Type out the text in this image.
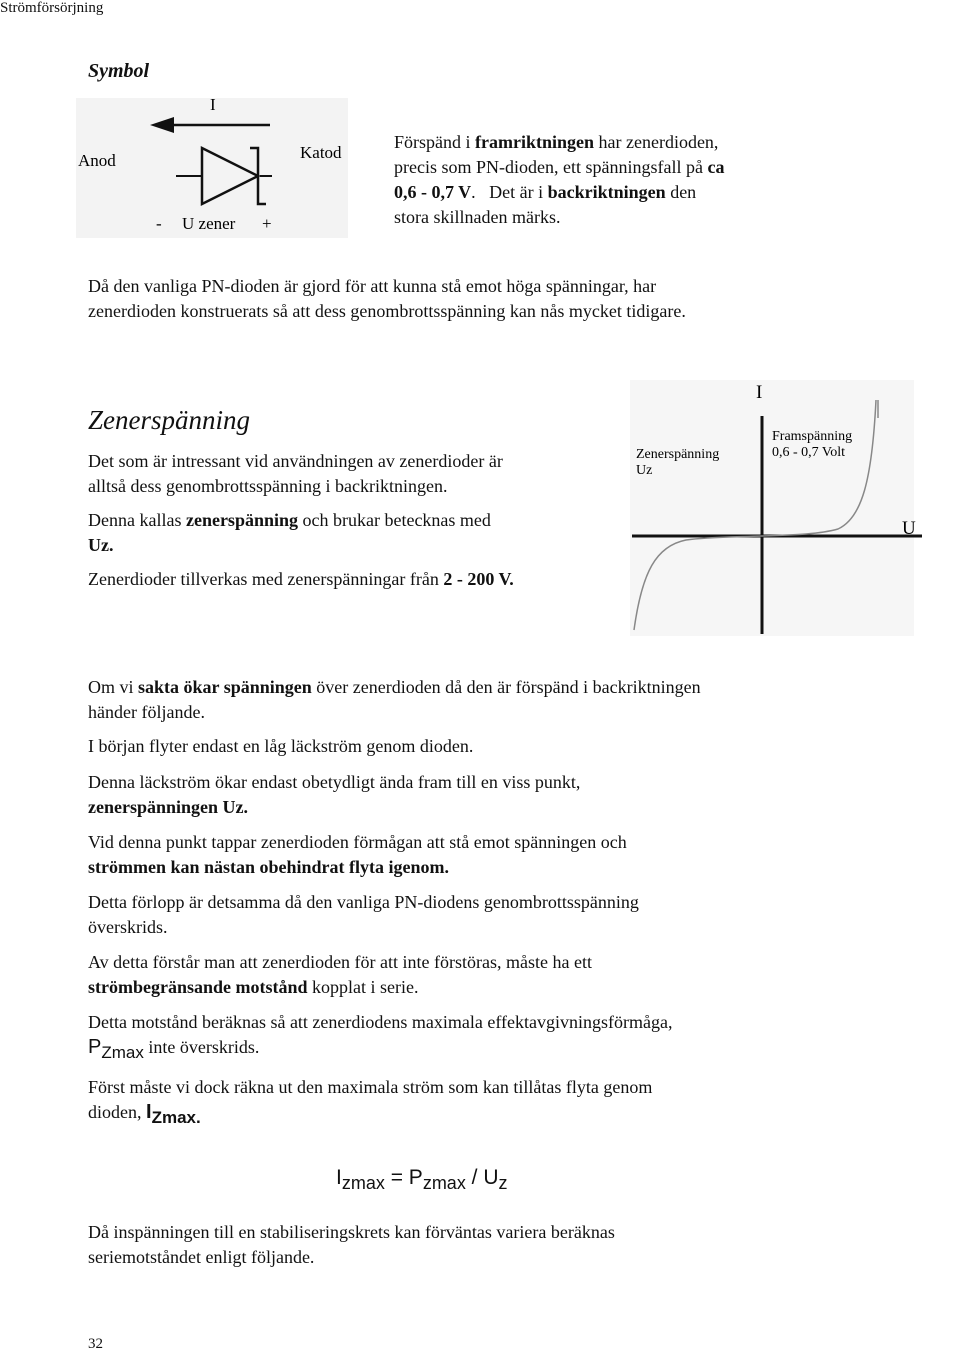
Strömförsörjning
Symbol
I
Anod	Katod
- U zener +
Förspänd i framriktningen har zenerdioden,
precis som PN-dioden, ett spänningsfall på ca
0,6 - 0,7 V.   Det är i backriktningen den
stora skillnaden märks.
Då den vanliga PN-dioden är gjord för att kunna stå emot höga spänningar, har
zenerdioden konstruerats så att dess genombrottsspänning kan nås mycket tidigare.
Zenerspänning
Det som är intressant vid användningen av zenerdioder är
alltså dess genombrottsspänning i backriktningen.
Denna kallas zenerspänning och brukar betecknas med
Uz.
Zenerdioder tillverkas med zenerspänningar från 2 - 200 V.
I
U
Zenerspänning
Uz
Framspänning
0,6 - 0,7 Volt
Om vi sakta ökar spänningen över zenerdioden då den är förspänd i backriktningen
händer följande.
I början flyter endast en låg läckström genom dioden.
Denna läckström ökar endast obetydligt ända fram till en viss punkt,
zenerspänningen Uz.
Vid denna punkt tappar zenerdioden förmågan att stå emot spänningen och
strömmen kan nästan obehindrat flyta igenom.
Detta förlopp är detsamma då den vanliga PN-diodens genombrottsspänning
överskrids.
Av detta förstår man att zenerdioden för att inte förstöras, måste ha ett
strömbegränsande motstånd kopplat i serie.
Detta motstånd beräknas så att zenerdiodens maximala effektavgivningsförmåga,
$P_{Zmax}$ inte överskrids.
Först måste vi dock räkna ut den maximala ström som kan tillåtas flyta genom
dioden, $I_{Zmax.}$
$I_{zmax} = P_{zmax} / U_z$
Då inspänningen till en stabiliseringskrets kan förväntas variera beräknas
seriemotståndet enligt följande.
32
